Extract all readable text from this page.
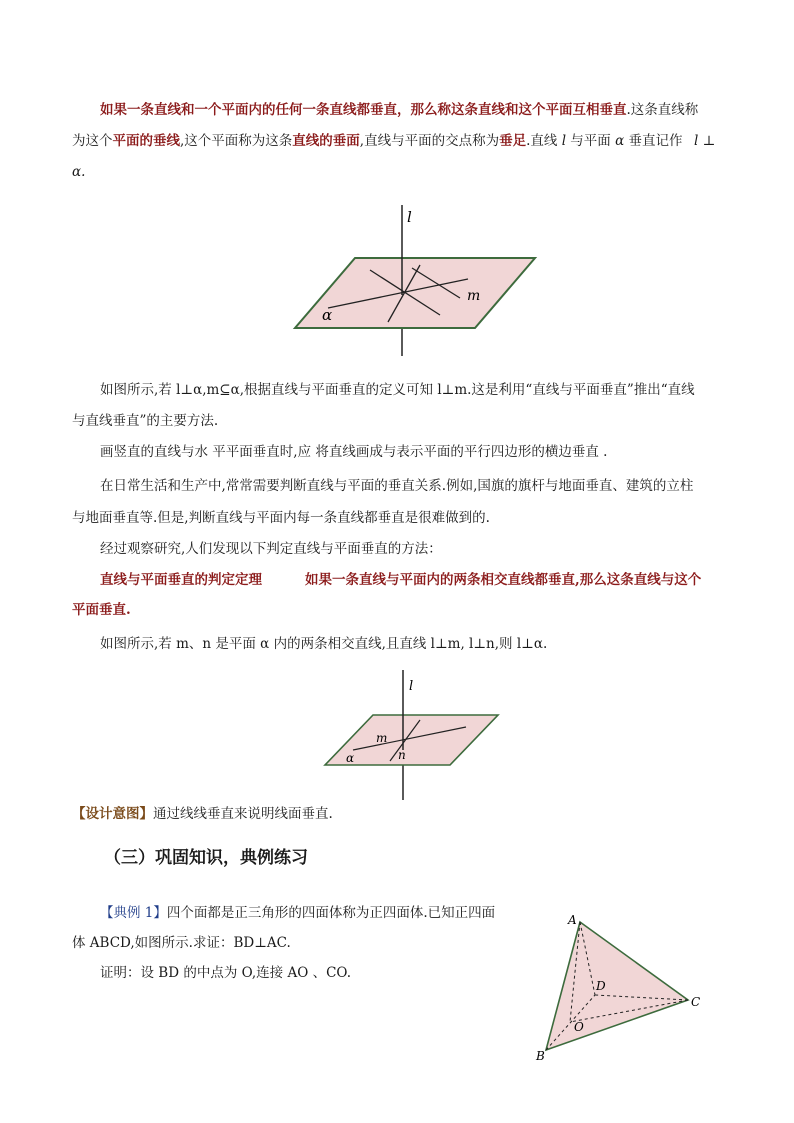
如果一条直线和一个平面内的任何一条直线都垂直，那么称这条直线和这个平面互相垂直.这条直线称
为这个平面的垂线,这个平面称为这条直线的垂面,直线与平面的交点称为垂足.直线 l 与平面 α 垂直记作 l ⊥
α.
l
m
α
如图所示,若 l⊥α,m⊆α,根据直线与平面垂直的定义可知 l⊥m.这是利用“直线与平面垂直”推出“直线
与直线垂直”的主要方法.
画竖直的直线与水 平平面垂直时,应 将直线画成与表示平面的平行四边形的横边垂直 .
在日常生活和生产中,常常需要判断直线与平面的垂直关系.例如,国旗的旗杆与地面垂直、建筑的立柱
与地面垂直等.但是,判断直线与平面内每一条直线都垂直是很难做到的.
经过观察研究,人们发现以下判定直线与平面垂直的方法：
直线与平面垂直的判定定理	如果一条直线与平面内的两条相交直线都垂直,那么这条直线与这个
平面垂直.
如图所示,若 m、n 是平面 α 内的两条相交直线,且直线 l⊥m, l⊥n,则 l⊥α.
l
m
n
α
【设计意图】通过线线垂直来说明线面垂直.
（三）巩固知识，典例练习
【典例 1】四个面都是正三角形的四面体称为正四面体.已知正四面
体 ABCD,如图所示.求证：BD⊥AC.
证明：设 BD 的中点为 O,连接 AO 、CO.
A
B
C
D
O
